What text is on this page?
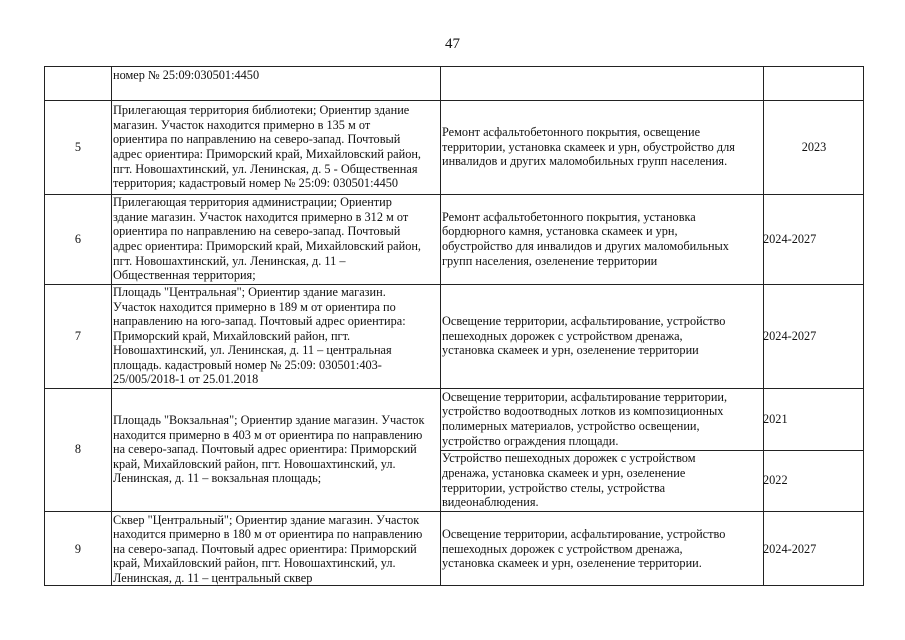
47
номер № 25:09:030501:4450
5
Прилегающая территория библиотеки; Ориентир здание
магазин. Участок находится примерно в 135 м от
ориентира по направлению на северо-запад. Почтовый
адрес ориентира: Приморский край, Михайловский район,
пгт. Новошахтинский, ул. Ленинская, д. 5 - Общественная
территория; кадастровый номер № 25:09: 030501:4450
Ремонт асфальтобетонного покрытия, освещение
территории, установка скамеек и урн, обустройство для
инвалидов и других маломобильных групп населения.
2023
6
Прилегающая территория администрации; Ориентир
здание магазин. Участок находится примерно в 312 м от
ориентира по направлению на северо-запад. Почтовый
адрес ориентира: Приморский край, Михайловский район,
пгт. Новошахтинский, ул. Ленинская, д. 11 –
Общественная территория;
Ремонт асфальтобетонного покрытия, установка
бордюрного камня, установка скамеек и урн,
обустройство для инвалидов и других маломобильных
групп населения, озеленение территории
2024-2027
7
Площадь "Центральная"; Ориентир здание магазин.
Участок находится примерно в 189 м от ориентира по
направлению на юго-запад. Почтовый адрес ориентира:
Приморский край, Михайловский район, пгт.
Новошахтинский, ул. Ленинская, д. 11 – центральная
площадь. кадастровый номер № 25:09: 030501:403-
25/005/2018-1 от 25.01.2018
Освещение территории, асфальтирование, устройство
пешеходных дорожек с устройством дренажа,
установка скамеек и урн, озеленение территории
2024-2027
8
Площадь "Вокзальная"; Ориентир здание магазин. Участок
находится примерно в 403 м от ориентира по направлению
на северо-запад. Почтовый адрес ориентира: Приморский
край, Михайловский район, пгт. Новошахтинский, ул.
Ленинская, д. 11 – вокзальная площадь;
Освещение территории, асфальтирование территории,
устройство водоотводных лотков из композиционных
полимерных материалов, устройство освещении,
устройство ограждения площади.
2021
Устройство пешеходных дорожек с устройством
дренажа, установка скамеек и урн, озеленение
территории, устройство стелы, устройства
видеонаблюдения.
2022
9
Сквер "Центральный"; Ориентир здание магазин. Участок
находится примерно в 180 м от ориентира по направлению
на северо-запад. Почтовый адрес ориентира: Приморский
край, Михайловский район, пгт. Новошахтинский, ул.
Ленинская, д. 11 – центральный сквер
Освещение территории, асфальтирование, устройство
пешеходных дорожек с устройством дренажа,
установка скамеек и урн, озеленение территории.
2024-2027
